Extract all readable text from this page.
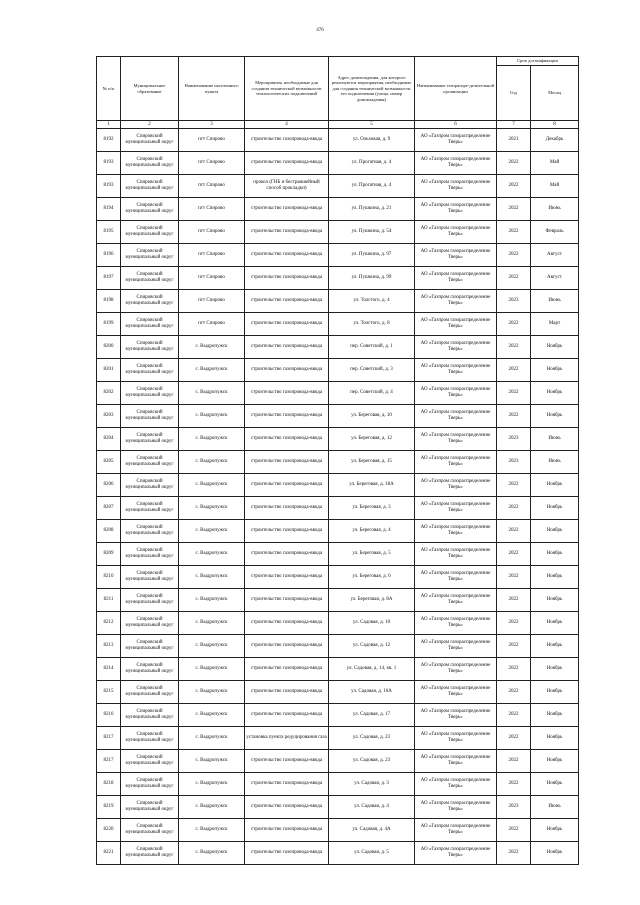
476
№ п/п	Муниципальное образование	Наименование населенного пункта	Мероприятия, необходимые для создания технической возможности технологических подключений	Адрес домовладения, для которого реализуются мероприятия, необходимые для создания технической возможности его подключения (улица, номер домовладения)	Наименование газораспре-делительной организации	Срок догазификации	
						Год	Месяц
1	2	3	4	5	6	7	8
8192	Спировский муниципальный округ	пгт Спирово	строительство газопровода-ввода	ул. Ольховая, д. 9	АО «Газпром газораспределение Тверь»	2021	Декабрь
8193	Спировский муниципальный округ	пгт Спирово	строительство газопровода-ввода	ул. Прогатная, д. 4	АО «Газпром газораспределение Тверь»	2022	Май
8193	Спировский муниципальный округ	пгт Спирово	прокол (ГНБ и бестраншейный способ прокладки)	ул. Прогатная, д. 4	АО «Газпром газораспределение Тверь»	2022	Май
8194	Спировский муниципальный округ	пгт Спирово	строительство газопровода-ввода	ул. Пушкина, д. 21	АО «Газпром газораспределение Тверь»	2022	Июнь
8195	Спировский муниципальный округ	пгт Спирово	строительство газопровода-ввода	ул. Пушкина, д. 54	АО «Газпром газораспределение Тверь»	2022	Февраль
8196	Спировский муниципальный округ	пгт Спирово	строительство газопровода-ввода	ул. Пушкина, д. 97	АО «Газпром газораспределение Тверь»	2022	Август
8197	Спировский муниципальный округ	пгт Спирово	строительство газопровода-ввода	ул. Пушкина, д. 99	АО «Газпром газораспределение Тверь»	2022	Август
8198	Спировский муниципальный округ	пгт Спирово	строительство газопровода-ввода	ул. Толстого, д. 4	АО «Газпром газораспределение Тверь»	2023	Июнь
8199	Спировский муниципальный округ	пгт Спирово	строительство газопровода-ввода	ул. Толстого, д. 8	АО «Газпром газораспределение Тверь»	2022	Март
8200	Спировский муниципальный округ	с. Выдропужск	строительство газопровода-ввода	пер. Советский, д. 1	АО «Газпром газораспределение Тверь»	2022	Ноябрь
8201	Спировский муниципальный округ	с. Выдропужск	строительство газопровода-ввода	пер. Советский, д. 3	АО «Газпром газораспределение Тверь»	2022	Ноябрь
8202	Спировский муниципальный округ	с. Выдропужск	строительство газопровода-ввода	пер. Советский, д. 4	АО «Газпром газораспределение Тверь»	2022	Ноябрь
8203	Спировский муниципальный округ	с. Выдропужск	строительство газопровода-ввода	ул. Береговая, д. 10	АО «Газпром газораспределение Тверь»	2022	Ноябрь
8204	Спировский муниципальный округ	с. Выдропужск	строительство газопровода-ввода	ул. Береговая, д. 12	АО «Газпром газораспределение Тверь»	2023	Июнь
8205	Спировский муниципальный округ	с. Выдропужск	строительство газопровода-ввода	ул. Береговая, д. 15	АО «Газпром газораспределение Тверь»	2023	Июнь
8206	Спировский муниципальный округ	с. Выдропужск	строительство газопровода-ввода	ул. Береговая, д. 18А	АО «Газпром газораспределение Тверь»	2022	Ноябрь
8207	Спировский муниципальный округ	с. Выдропужск	строительство газопровода-ввода	ул. Береговая, д. 3	АО «Газпром газораспределение Тверь»	2022	Ноябрь
8208	Спировский муниципальный округ	с. Выдропужск	строительство газопровода-ввода	ул. Береговая, д. 4	АО «Газпром газораспределение Тверь»	2022	Ноябрь
8209	Спировский муниципальный округ	с. Выдропужск	строительство газопровода-ввода	ул. Береговая, д. 5	АО «Газпром газораспределение Тверь»	2022	Ноябрь
8210	Спировский муниципальный округ	с. Выдропужск	строительство газопровода-ввода	ул. Береговая, д. 6	АО «Газпром газораспределение Тверь»	2022	Ноябрь
8211	Спировский муниципальный округ	с. Выдропужск	строительство газопровода-ввода	ул. Береговая, д. 8А	АО «Газпром газораспределение Тверь»	2022	Ноябрь
8212	Спировский муниципальный округ	с. Выдропужск	строительство газопровода-ввода	ул. Садовая, д. 10	АО «Газпром газораспределение Тверь»	2022	Ноябрь
8213	Спировский муниципальный округ	с. Выдропужск	строительство газопровода-ввода	ул. Садовая, д. 12	АО «Газпром газораспределение Тверь»	2022	Ноябрь
8214	Спировский муниципальный округ	с. Выдропужск	строительство газопровода-ввода	ул. Садовая, д. 14, кв. 1	АО «Газпром газораспределение Тверь»	2022	Ноябрь
8215	Спировский муниципальный округ	с. Выдропужск	строительство газопровода-ввода	ул. Садовая, д. 16А	АО «Газпром газораспределение Тверь»	2022	Ноябрь
8216	Спировский муниципальный округ	с. Выдропужск	строительство газопровода-ввода	ул. Садовая, д. 17	АО «Газпром газораспределение Тверь»	2022	Ноябрь
8217	Спировский муниципальный округ	с. Выдропужск	установка пункта редуцирования газа	ул. Садовая, д. 23	АО «Газпром газораспределение Тверь»	2022	Ноябрь
8217	Спировский муниципальный округ	с. Выдропужск	строительство газопровода-ввода	ул. Садовая, д. 23	АО «Газпром газораспределение Тверь»	2022	Ноябрь
8218	Спировский муниципальный округ	с. Выдропужск	строительство газопровода-ввода	ул. Садовая, д. 3	АО «Газпром газораспределение Тверь»	2022	Ноябрь
8219	Спировский муниципальный округ	с. Выдропужск	строительство газопровода-ввода	ул. Садовая, д. 4	АО «Газпром газораспределение Тверь»	2023	Июнь
8220	Спировский муниципальный округ	с. Выдропужск	строительство газопровода-ввода	ул. Садовая, д. 4А	АО «Газпром газораспределение Тверь»	2022	Ноябрь
8221	Спировский муниципальный округ	с. Выдропужск	строительство газопровода-ввода	ул. Садовая, д. 5	АО «Газпром газораспределение Тверь»	2022	Ноябрь
